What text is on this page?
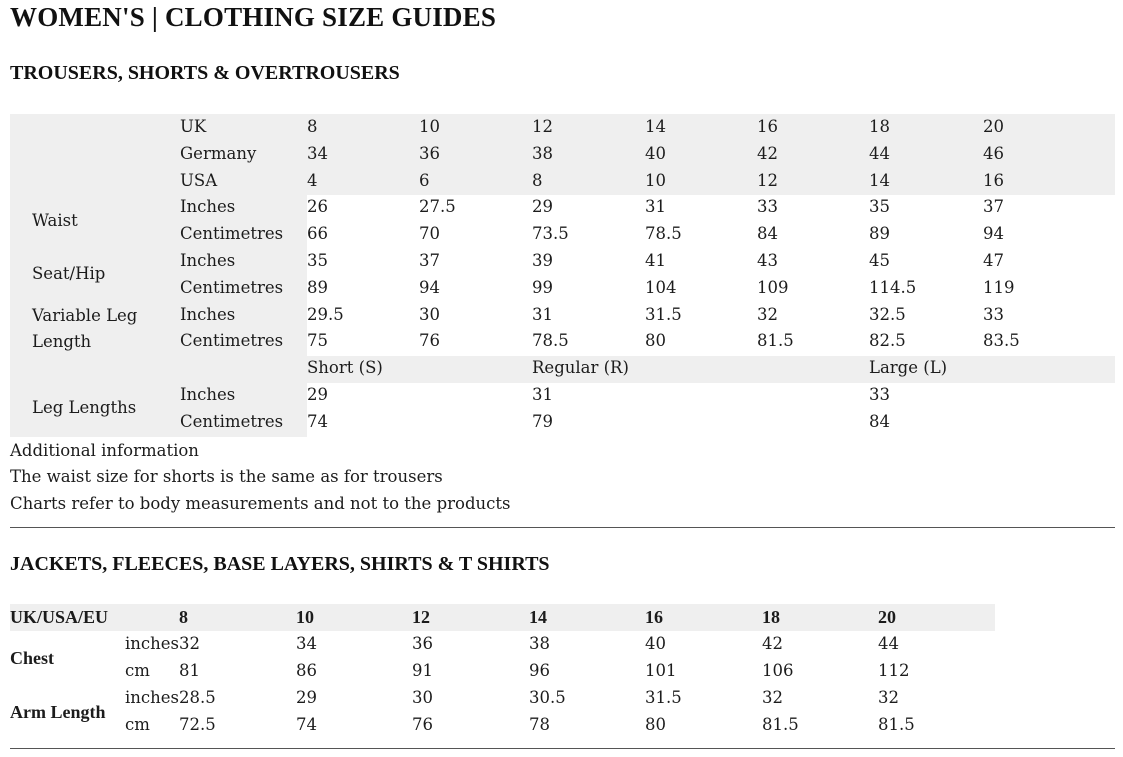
WOMEN'S | CLOTHING SIZE GUIDES
TROUSERS, SHORTS & OVERTROUSERS
UK	8	10	12	14	16	18	20
Germany	34	36	38	40	42	44	46
USA	4	6	8	10	12	14	16
Waist
Inches	26	27.5	29	31	33	35	37
Centimetres 66	70	73.5	78.5	84	89	94
Seat/Hip
Inches	35	37	39	41	43	45	47
Centimetres 89	94	99	104	109	114.5	119
Variable Leg
Length
Inches	29.5	30	31	31.5	32	32.5	33
Centimetres 75	76	78.5	80	81.5	82.5	83.5
Short (S)	Regular (R)	Large (L)
Leg Lengths
Inches	29	31	33
Centimetres 74	79	84
Additional information
The waist size for shorts is the same as for trousers
Charts refer to body measurements and not to the products
JACKETS, FLEECES, BASE LAYERS, SHIRTS & T SHIRTS
UK/USA/EU	8	10	12	14	16	18	20
Chest
inches 32	34	36	38	40	42	44
cm 81	86	91	96	101	106	112
Arm Length
inches 28.5	29	30	30.5	31.5	32	32
cm 72.5	74	76	78	80	81.5	81.5
